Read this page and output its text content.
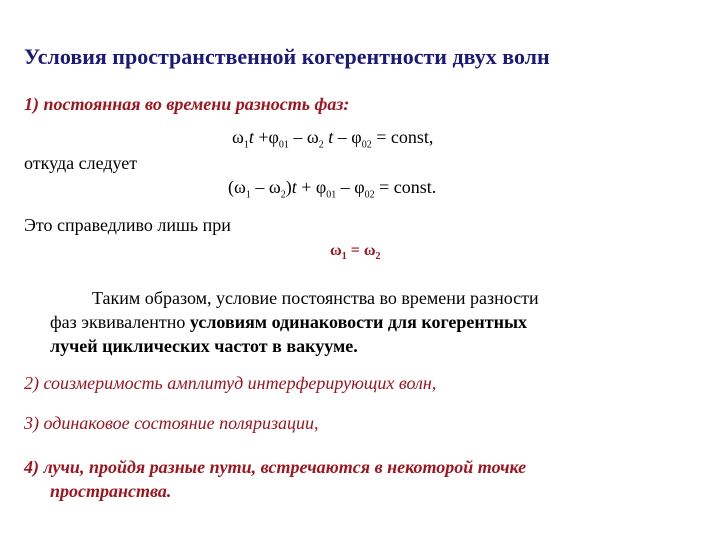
Условия пространственной когерентности двух волн
1) постоянная во времени разность фаз:
$\omega_1t +\varphi_{01} - \omega_2$ t – $\varphi_{02}$ = const,
откуда следует
$(\omega_1 - \omega_2)t + \varphi_{01} - \varphi_{02}$ = const.
Это справедливо лишь при
$\omega_1 = \omega_2$
Таким образом, условие постоянства во времени разности
фаз эквивалентно условиям одинаковости для когерентных
лучей циклических частот в вакууме.
2) соизмеримость амплитуд интерферирующих волн,
3) одинаковое состояние поляризации,
4) лучи, пройдя разные пути, встречаются в некоторой точке
пространства.
